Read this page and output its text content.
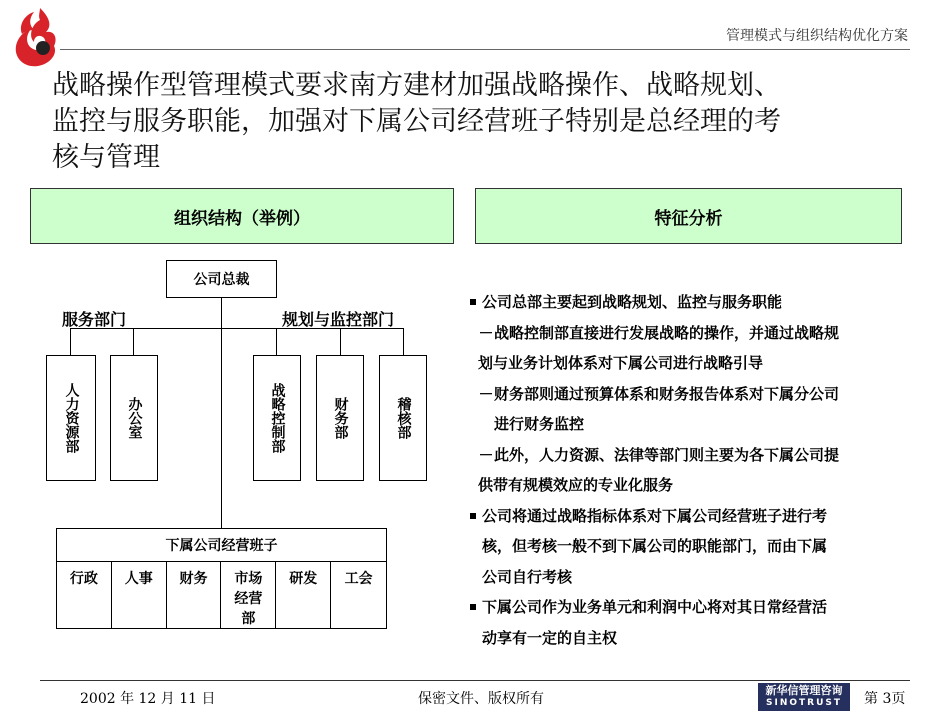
管理模式与组织结构优化方案
战略操作型管理模式要求南方建材加强战略操作、战略规划、
监控与服务职能，加强对下属公司经营班子特别是总经理的考
核与管理
组织结构（举例）	特征分析
公司总裁
服务部门	规划与监控部门
人力资源部	办公室	战略控制部	财务部	稽核部
下属公司经营班子
行政	人事	财务	市场经营部	研发	工会
公司总部主要起到战略规划、监控与服务职能
－战略控制部直接进行发展战略的操作，并通过战略规
划与业务计划体系对下属公司进行战略引导
－财务部则通过预算体系和财务报告体系对下属分公司
进行财务监控
－此外，人力资源、法律等部门则主要为各下属公司提
供带有规模效应的专业化服务
公司将通过战略指标体系对下属公司经营班子进行考
核，但考核一般不到下属公司的职能部门，而由下属
公司自行考核
下属公司作为业务单元和利润中心将对其日常经营活
动享有一定的自主权
2002 年 12 月 11 日	保密文件、版权所有
新华信管理咨询
SINOTRUST	第 3页
